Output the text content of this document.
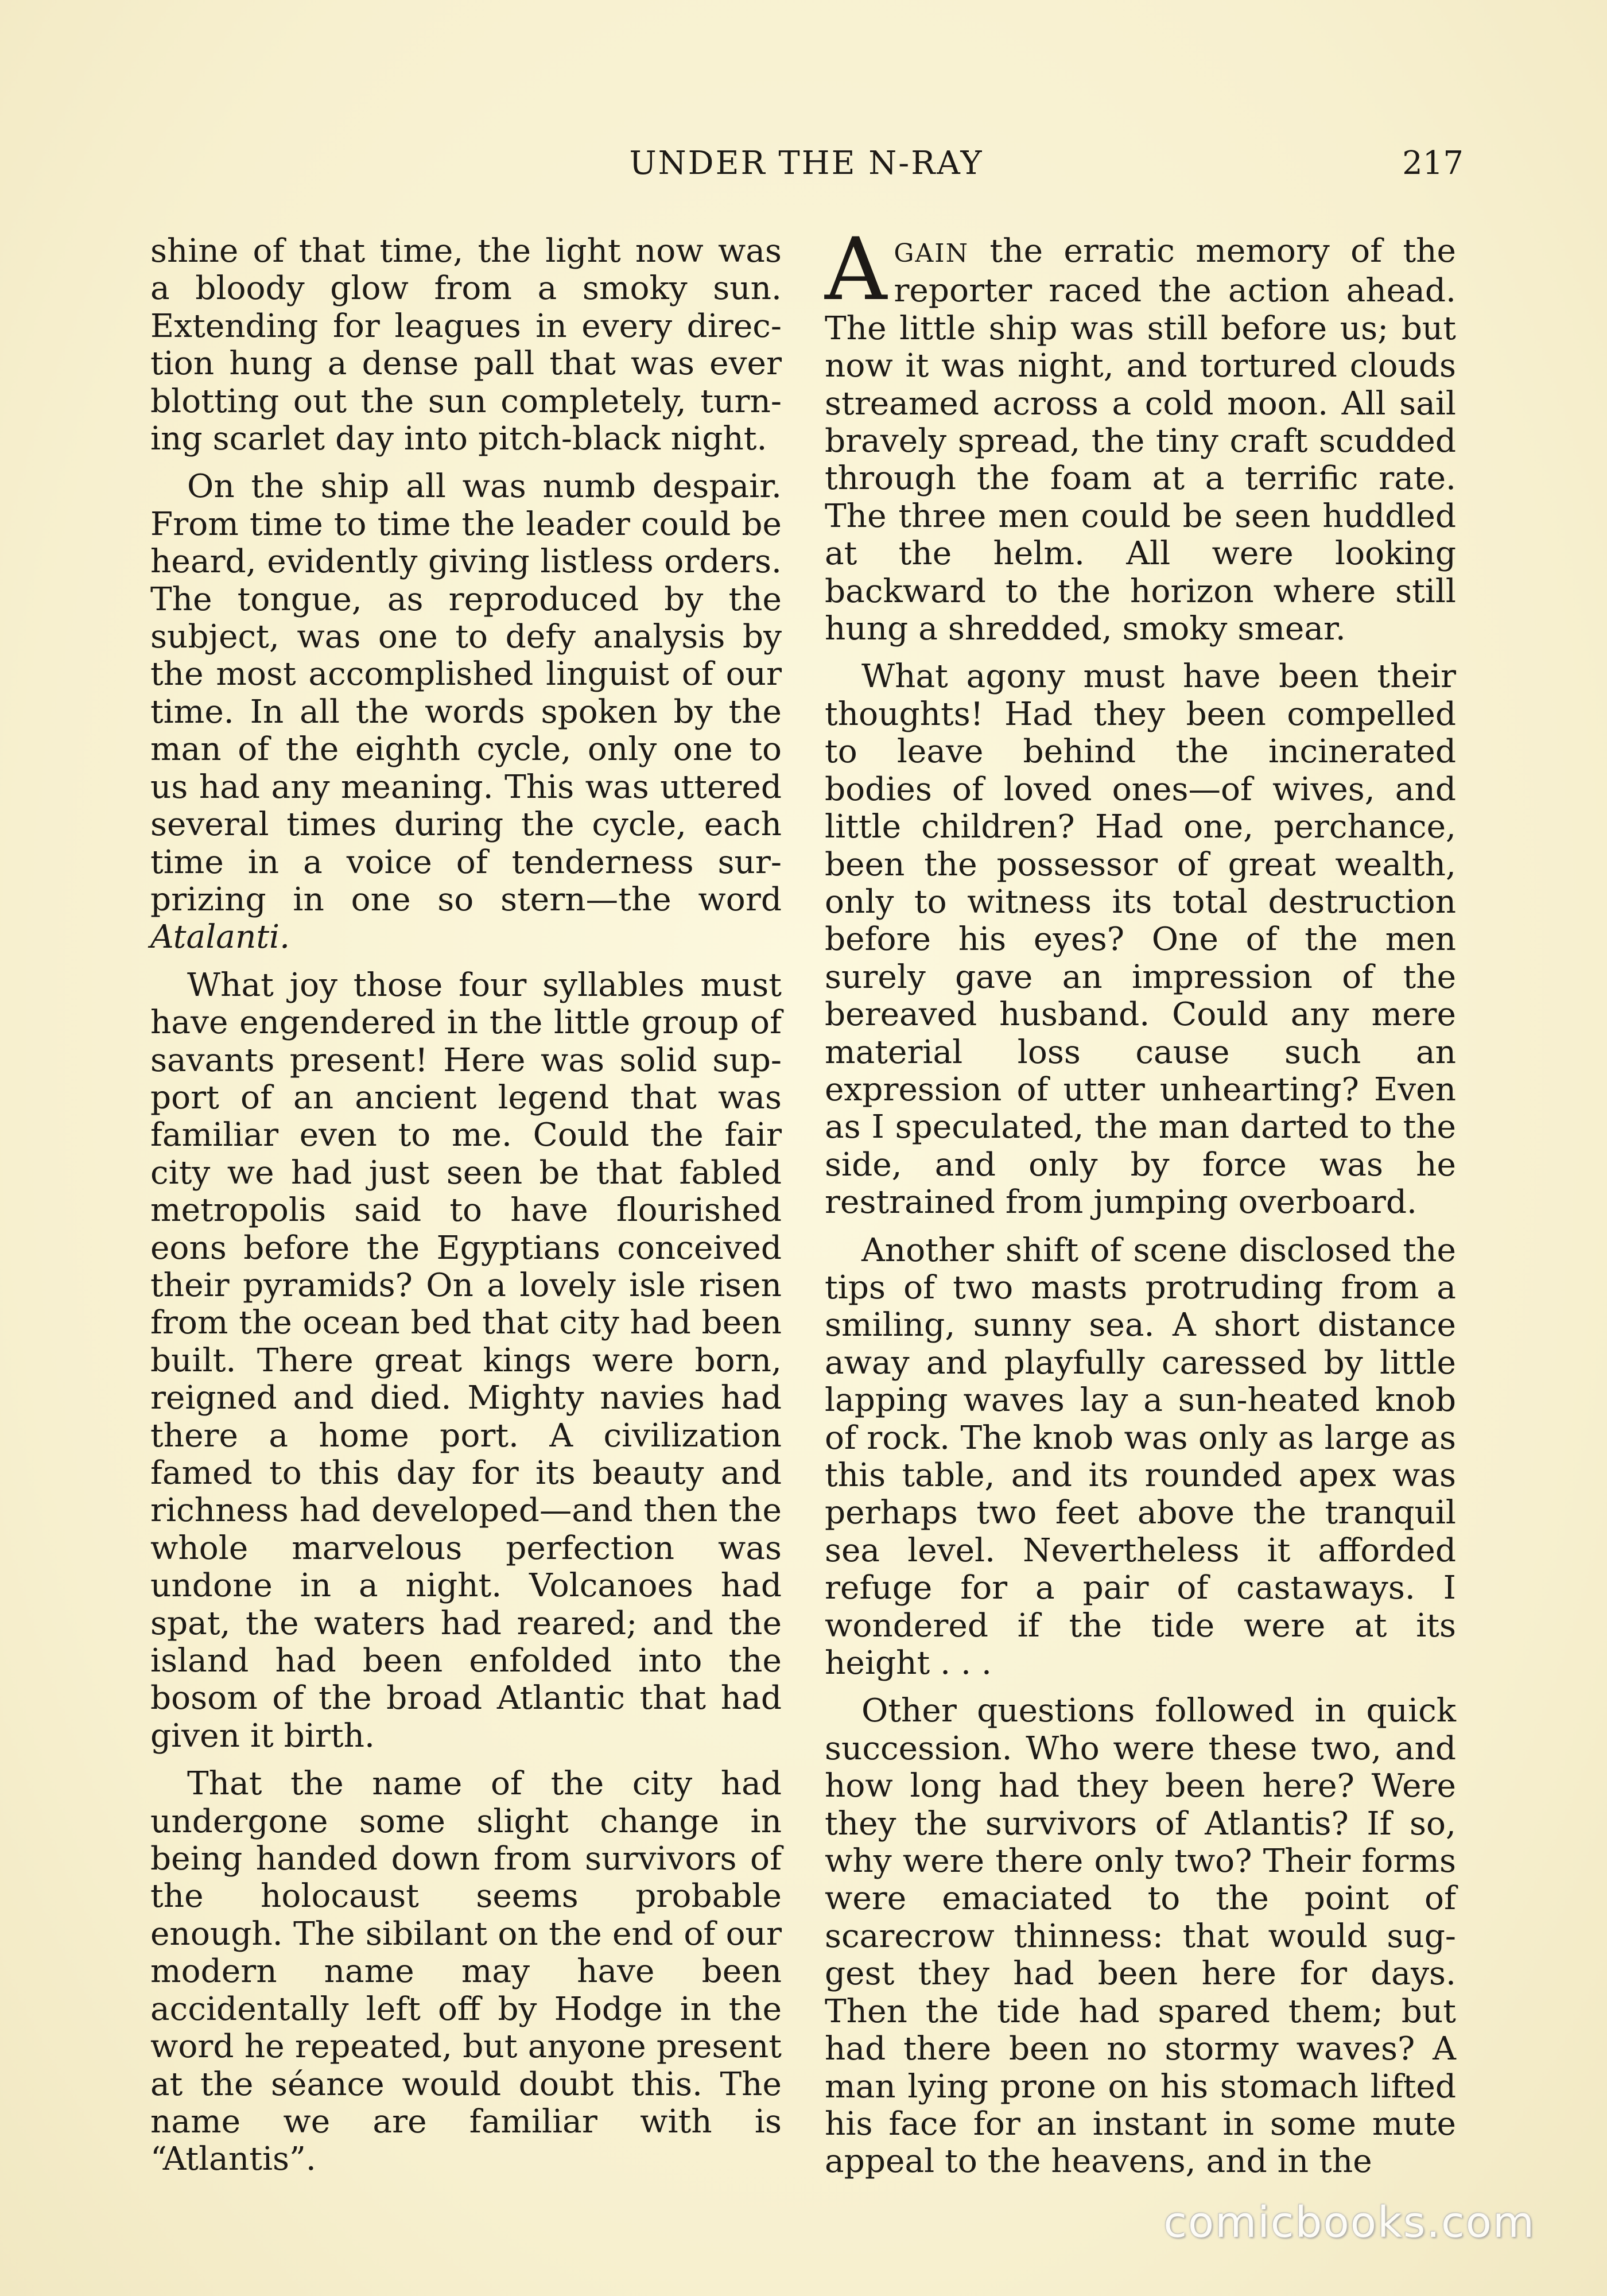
UNDER THE N-RAY	217

shine of that time, the light now was a bloody glow from a smoky sun. Extending for leagues in every direction hung a dense pall that was ever blotting out the sun completely, turning scarlet day into pitch-black night.

On the ship all was numb despair. From time to time the leader could be heard, evidently giving listless orders. The tongue, as reproduced by the subject, was one to defy analysis by the most accomplished linguist of our time. In all the words spoken by the man of the eighth cycle, only one to us had any meaning. This was uttered several times during the cycle, each time in a voice of tenderness surprizing in one so stern—the word Atalanti.

What joy those four syllables must have engendered in the little group of savants present! Here was solid support of an ancient legend that was familiar even to me. Could the fair city we had just seen be that fabled metropolis said to have flourished eons before the Egyptians conceived their pyramids? On a lovely isle risen from the ocean bed that city had been built. There great kings were born, reigned and died. Mighty navies had there a home port. A civilization famed to this day for its beauty and richness had developed—and then the whole marvelous perfection was undone in a night. Volcanoes had spat, the waters had reared; and the island had been enfolded into the bosom of the broad Atlantic that had given it birth.

That the name of the city had undergone some slight change in being handed down from survivors of the holocaust seems probable enough. The sibilant on the end of our modern name may have been accidentally left off by Hodge in the word he repeated, but anyone present at the séance would doubt this. The name we are familiar with is “Atlantis”.

AGAIN the erratic memory of the reporter raced the action ahead. The little ship was still before us; but now it was night, and tortured clouds streamed across a cold moon. All sail bravely spread, the tiny craft scudded through the foam at a terrific rate. The three men could be seen huddled at the helm. All were looking backward to the horizon where still hung a shredded, smoky smear.

What agony must have been their thoughts! Had they been compelled to leave behind the incinerated bodies of loved ones—of wives, and little children? Had one, perchance, been the possessor of great wealth, only to witness its total destruction before his eyes? One of the men surely gave an impression of the bereaved husband. Could any mere material loss cause such an expression of utter unhearting? Even as I speculated, the man darted to the side, and only by force was he restrained from jumping overboard.

Another shift of scene disclosed the tips of two masts protruding from a smiling, sunny sea. A short distance away and playfully caressed by little lapping waves lay a sun-heated knob of rock. The knob was only as large as this table, and its rounded apex was perhaps two feet above the tranquil sea level. Nevertheless it afforded refuge for a pair of castaways. I wondered if the tide were at its height . . .

Other questions followed in quick succession. Who were these two, and how long had they been here? Were they the survivors of Atlantis? If so, why were there only two? Their forms were emaciated to the point of scarecrow thinness: that would suggest they had been here for days. Then the tide had spared them; but had there been no stormy waves? A man lying prone on his stomach lifted his face for an instant in some mute appeal to the heavens, and in the

comicbooks.com
